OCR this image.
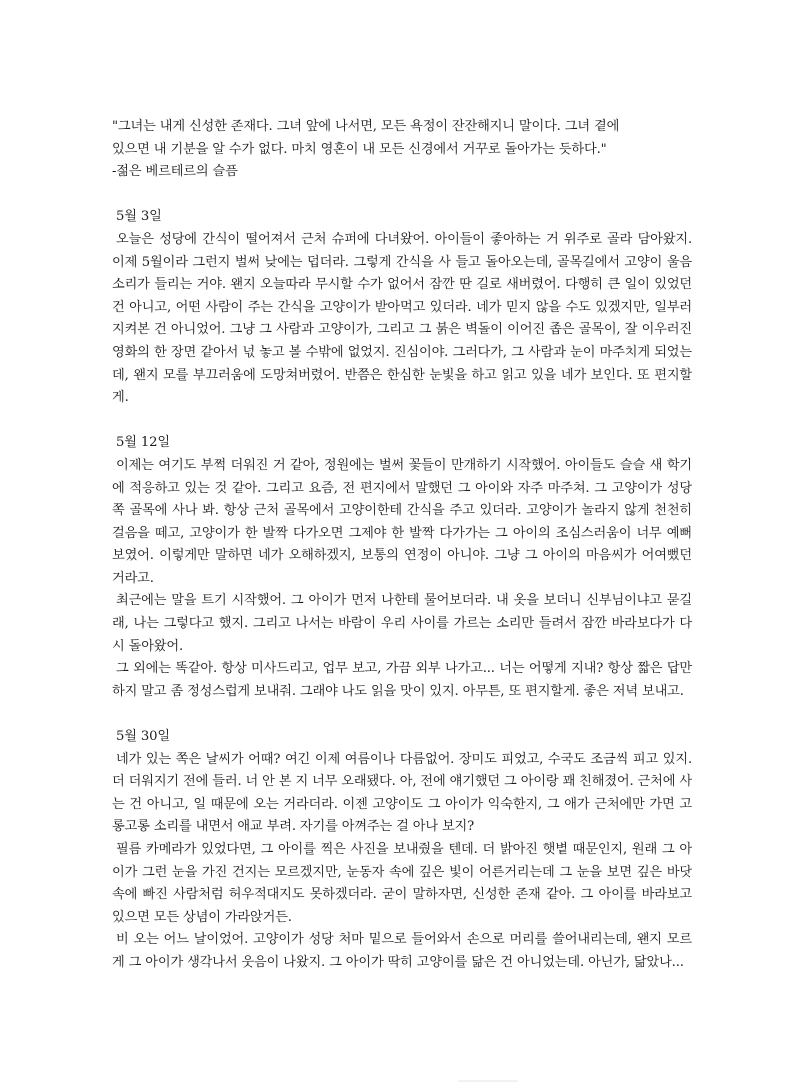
"그녀는 내게 신성한 존재다. 그녀 앞에 나서면, 모든 욕정이 잔잔해지니 말이다. 그녀 곁에
있으면 내 기분을 알 수가 없다. 마치 영혼이 내 모든 신경에서 거꾸로 돌아가는 듯하다."
-젊은 베르테르의 슬픔

5월 3일

오늘은 성당에 간식이 떨어져서 근처 슈퍼에 다녀왔어. 아이들이 좋아하는 거 위주로 골라 담아왔지. 이제 5월이라 그런지 벌써 낮에는 덥더라. 그렇게 간식을 사 들고 돌아오는데, 골목길에서 고양이 울음소리가 들리는 거야. 왠지 오늘따라 무시할 수가 없어서 잠깐 딴 길로 새버렸어. 다행히 큰 일이 있었던 건 아니고, 어떤 사람이 주는 간식을 고양이가 받아먹고 있더라. 네가 믿지 않을 수도 있겠지만, 일부러 지켜본 건 아니었어. 그냥 그 사람과 고양이가, 그리고 그 붉은 벽돌이 이어진 좁은 골목이, 잘 이우러진 영화의 한 장면 같아서 넋 놓고 볼 수밖에 없었지. 진심이야. 그러다가, 그 사람과 눈이 마주치게 되었는데, 왠지 모를 부끄러움에 도망쳐버렸어. 반쯤은 한심한 눈빛을 하고 읽고 있을 네가 보인다. 또 편지할게.

5월 12일

이제는 여기도 부쩍 더워진 거 같아, 정원에는 벌써 꽃들이 만개하기 시작했어. 아이들도 슬슬 새 학기에 적응하고 있는 것 같아. 그리고 요즘, 전 편지에서 말했던 그 아이와 자주 마주쳐. 그 고양이가 성당 쪽 골목에 사나 봐. 항상 근처 골목에서 고양이한테 간식을 주고 있더라. 고양이가 놀라지 않게 천천히 걸음을 떼고, 고양이가 한 발짝 다가오면 그제야 한 발짝 다가가는 그 아이의 조심스러움이 너무 예뻐 보였어. 이렇게만 말하면 네가 오해하겠지, 보통의 연정이 아니야. 그냥 그 아이의 마음씨가 어여뻤던 거라고.

최근에는 말을 트기 시작했어. 그 아이가 먼저 나한테 물어보더라. 내 옷을 보더니 신부님이냐고 묻길래, 나는 그렇다고 했지. 그리고 나서는 바람이 우리 사이를 가르는 소리만 들려서 잠깐 바라보다가 다시 돌아왔어.

그 외에는 똑같아. 항상 미사드리고, 업무 보고, 가끔 외부 나가고... 너는 어떻게 지내? 항상 짧은 답만 하지 말고 좀 정성스럽게 보내줘. 그래야 나도 읽을 맛이 있지. 아무튼, 또 편지할게. 좋은 저녁 보내고.

5월 30일

네가 있는 쪽은 날씨가 어때? 여긴 이제 여름이나 다름없어. 장미도 피었고, 수국도 조금씩 피고 있지. 더 더워지기 전에 들러. 너 안 본 지 너무 오래됐다. 아, 전에 얘기했던 그 아이랑 꽤 친해졌어. 근처에 사는 건 아니고, 일 때문에 오는 거라더라. 이젠 고양이도 그 아이가 익숙한지, 그 애가 근처에만 가면 고롱고롱 소리를 내면서 애교 부려. 자기를 아껴주는 걸 아나 보지?

필름 카메라가 있었다면, 그 아이를 찍은 사진을 보내줬을 텐데. 더 밝아진 햇볕 때문인지, 원래 그 아이가 그런 눈을 가진 건지는 모르겠지만, 눈동자 속에 깊은 빛이 어른거리는데 그 눈을 보면 깊은 바닷속에 빠진 사람처럼 허우적대지도 못하겠더라. 굳이 말하자면, 신성한 존재 같아. 그 아이를 바라보고 있으면 모든 상념이 가라앉거든.

비 오는 어느 날이었어. 고양이가 성당 처마 밑으로 들어와서 손으로 머리를 쓸어내리는데, 왠지 모르게 그 아이가 생각나서 웃음이 나왔지. 그 아이가 딱히 고양이를 닮은 건 아니었는데. 아닌가, 닮았나...
